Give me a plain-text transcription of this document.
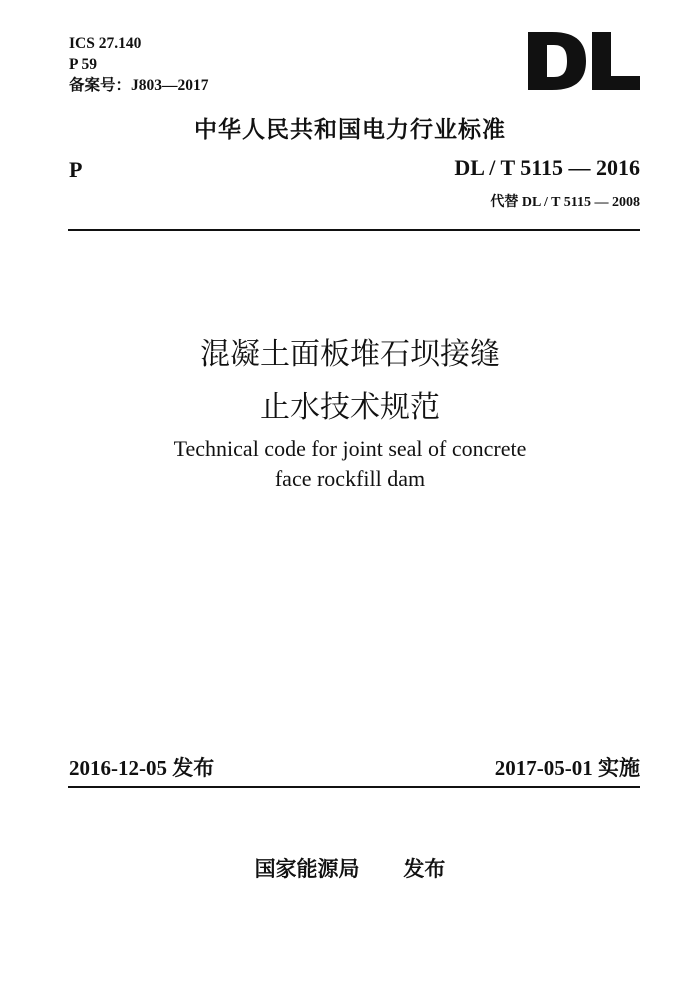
ICS 27.140
P 59
备案号：J803—2017
中华人民共和国电力行业标准
P	DL / T 5115 — 2016
代替 DL / T 5115 — 2008
混凝土面板堆石坝接缝
止水技术规范
Technical code for joint seal of concrete
face rockfill dam
2016-12-05 发布	2017-05-01 实施
国家能源局      发布
